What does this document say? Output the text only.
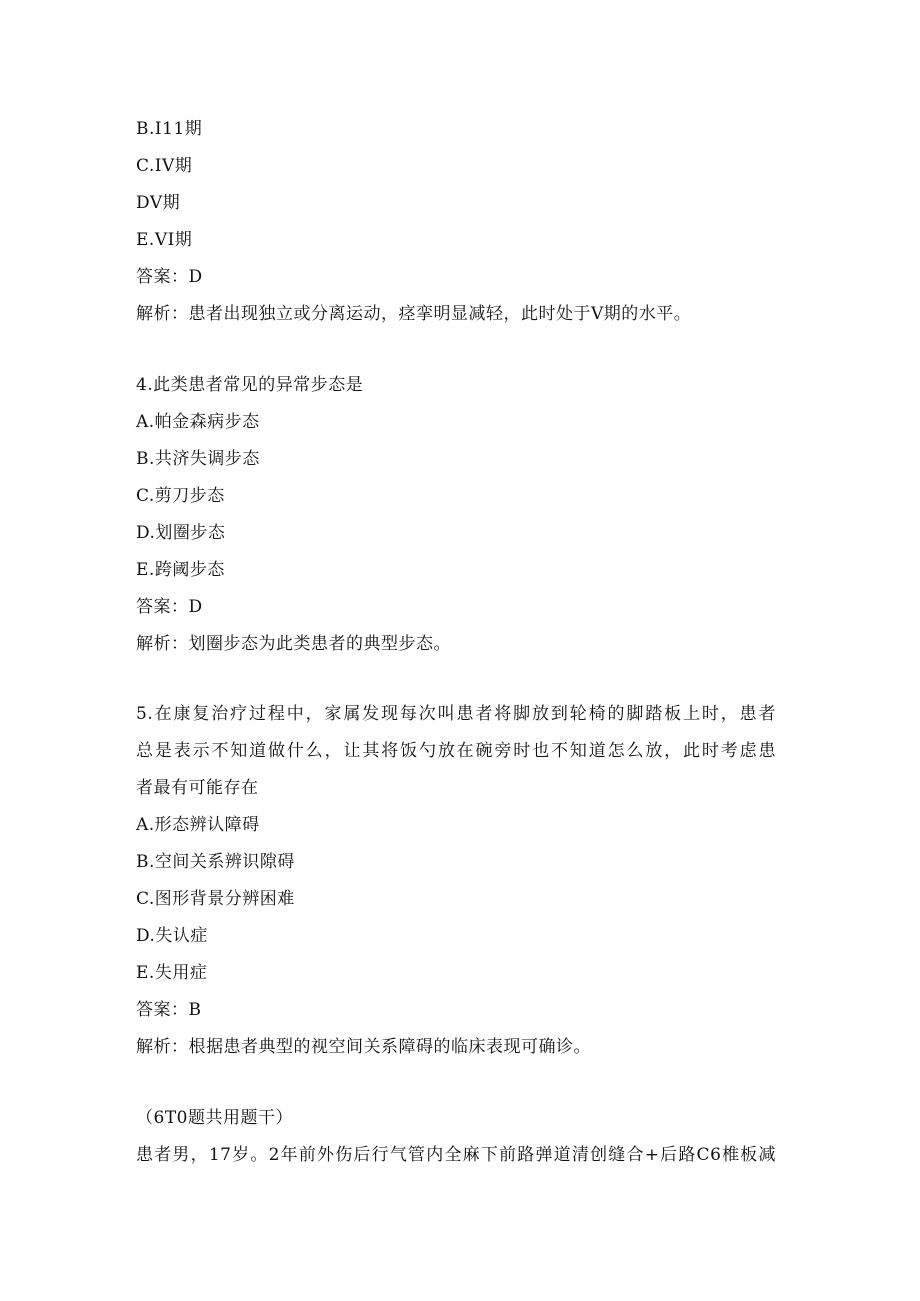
B.I11期
C.IV期
DV期
E.VI期
答案：D
解析：患者出现独立或分离运动，痉挛明显减轻，此时处于V期的水平。
4.此类患者常见的异常步态是
A.帕金森病步态
B.共济失调步态
C.剪刀步态
D.划圈步态
E.跨阈步态
答案：D
解析：划圈步态为此类患者的典型步态。
5.在康复治疗过程中，家属发现每次叫患者将脚放到轮椅的脚踏板上时，患者
总是表示不知道做什么，让其将饭勺放在碗旁时也不知道怎么放，此时考虑患
者最有可能存在
A.形态辨认障碍
B.空间关系辨识隙碍
C.图形背景分辨困难
D.失认症
E.失用症
答案：B
解析：根据患者典型的视空间关系障碍的临床表现可确诊。
（6T0题共用题干）
患者男，17岁。2年前外伤后行气管内全麻下前路弹道清创缝合+后路C6椎板减
